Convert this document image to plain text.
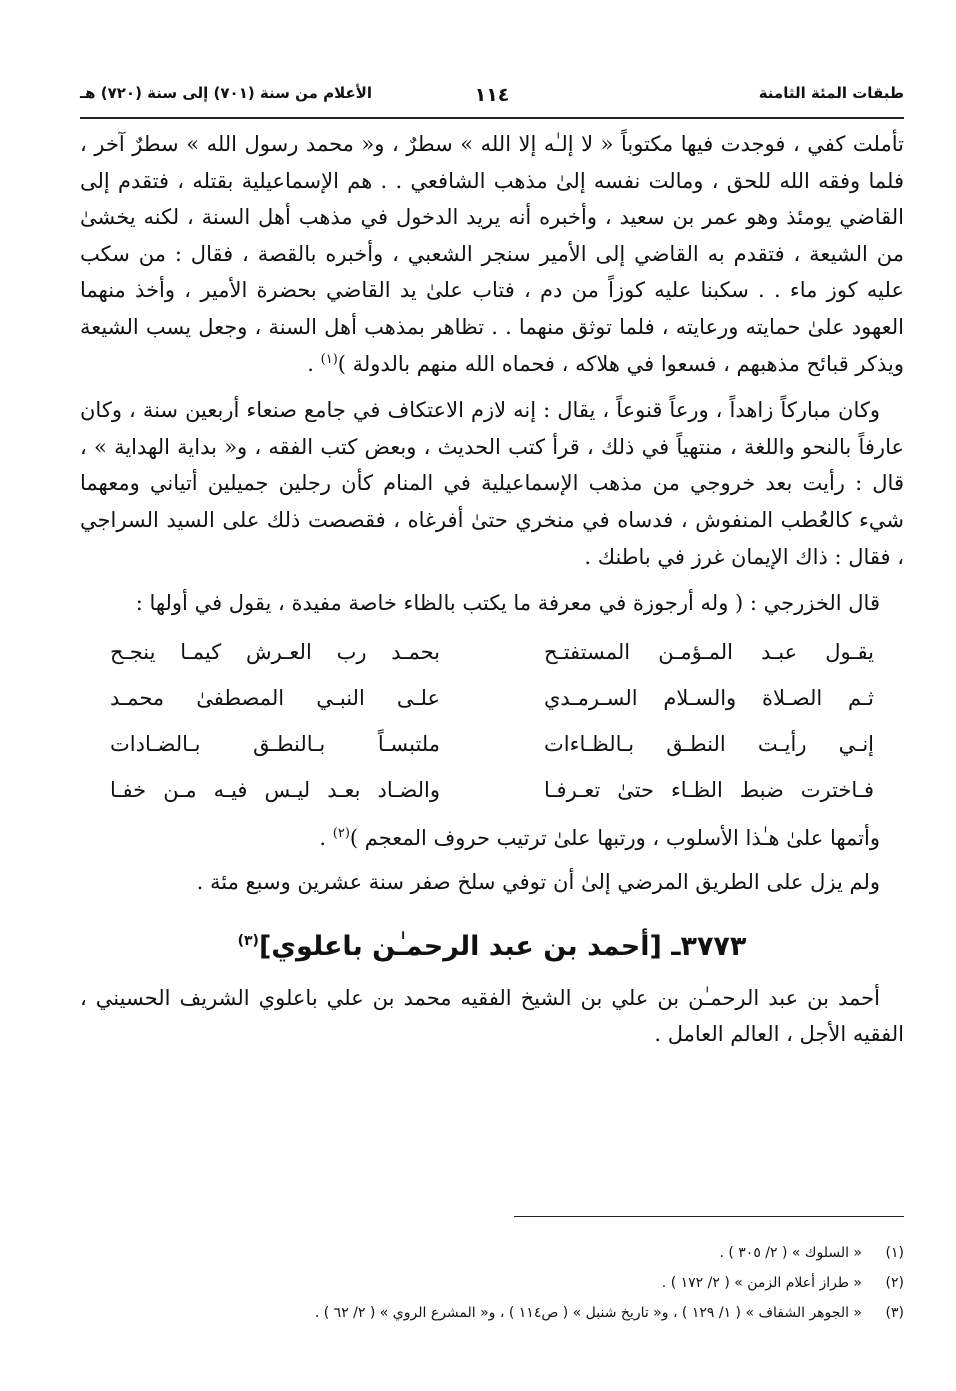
طبقات المئة الثامنة
١١٤
الأعلام من سنة (٧٠١) إلى سنة (٧٢٠) هـ

تأملت كفي ، فوجدت فيها مكتوباً « لا إلـٰه إلا الله » سطرٌ ، و« محمد رسول الله » سطرٌ آخر ، فلما وفقه الله للحق ، ومالت نفسه إلىٰ مذهب الشافعي . . هم الإسماعيلية بقتله ، فتقدم إلى القاضي يومئذ وهو عمر بن سعيد ، وأخبره أنه يريد الدخول في مذهب أهل السنة ، لكنه يخشىٰ من الشيعة ، فتقدم به القاضي إلى الأمير سنجر الشعبي ، وأخبره بالقصة ، فقال : من سكب عليه كوز ماء . . سكبنا عليه كوزاً من دم ، فتاب علىٰ يد القاضي بحضرة الأمير ، وأخذ منهما العهود علىٰ حمايته ورعايته ، فلما توثق منهما . . تظاهر بمذهب أهل السنة ، وجعل يسب الشيعة ويذكر قبائح مذهبهم ، فسعوا في هلاكه ، فحماه الله منهم بالدولة )$^{(١)}$ .

وكان مباركاً زاهداً ، ورعاً قنوعاً ، يقال : إنه لازم الاعتكاف في جامع صنعاء أربعين سنة ، وكان عارفاً بالنحو واللغة ، منتهياً في ذلك ، قرأ كتب الحديث ، وبعض كتب الفقه ، و« بداية الهداية » ، قال : رأيت بعد خروجي من مذهب الإسماعيلية في المنام كأن رجلين جميلين أتياني ومعهما شيء كالعُطب المنفوش ، فدساه في منخري حتىٰ أفرغاه ، فقصصت ذلك على السيد السراجي ، فقال : ذاك الإيمان غرز في باطنك .

قال الخزرجي : ( وله أرجوزة في معرفة ما يكتب بالظاء خاصة مفيدة ، يقول في أولها :

يقـول عبـد المـؤمـن المستفتـح
بحمـد رب العـرش كيمـا ينجـح
ثـم الصـلاة والسـلام السـرمـدي
علـى النبـي المصطفىٰ محمـد
إنـي رأيـت النطـق بـالظـاءات
ملتبسـاً بـالنطـق بـالضـادات
فـاخترت ضبط الظـاء حتىٰ تعـرفـا
والضـاد بعـد ليـس فيـه مـن خفـا

وأتمها علىٰ هـٰذا الأسلوب ، ورتبها علىٰ ترتيب حروف المعجم )$^{(٢)}$ .

ولم يزل على الطريق المرضي إلىٰ أن توفي سلخ صفر سنة عشرين وسبع مئة .

٣٧٧٣ـ [أحمد بن عبد الرحمـٰن باعلوي]$^{(٣)}$

أحمد بن عبد الرحمـٰن بن علي بن الشيخ الفقيه محمد بن علي باعلوي الشريف الحسيني ، الفقيه الأجل ، العالم العامل .

(١)
« السلوك » ( ٢/ ٣٠٥ ) .
(٢)
« طراز أعلام الزمن » ( ٢/ ١٧٢ ) .
(٣)
« الجوهر الشفاف » ( ١/ ١٢٩ ) ، و« تاريخ شنبل » ( ص١١٤ ) ، و« المشرع الروي » ( ٢/ ٦٢ ) .
